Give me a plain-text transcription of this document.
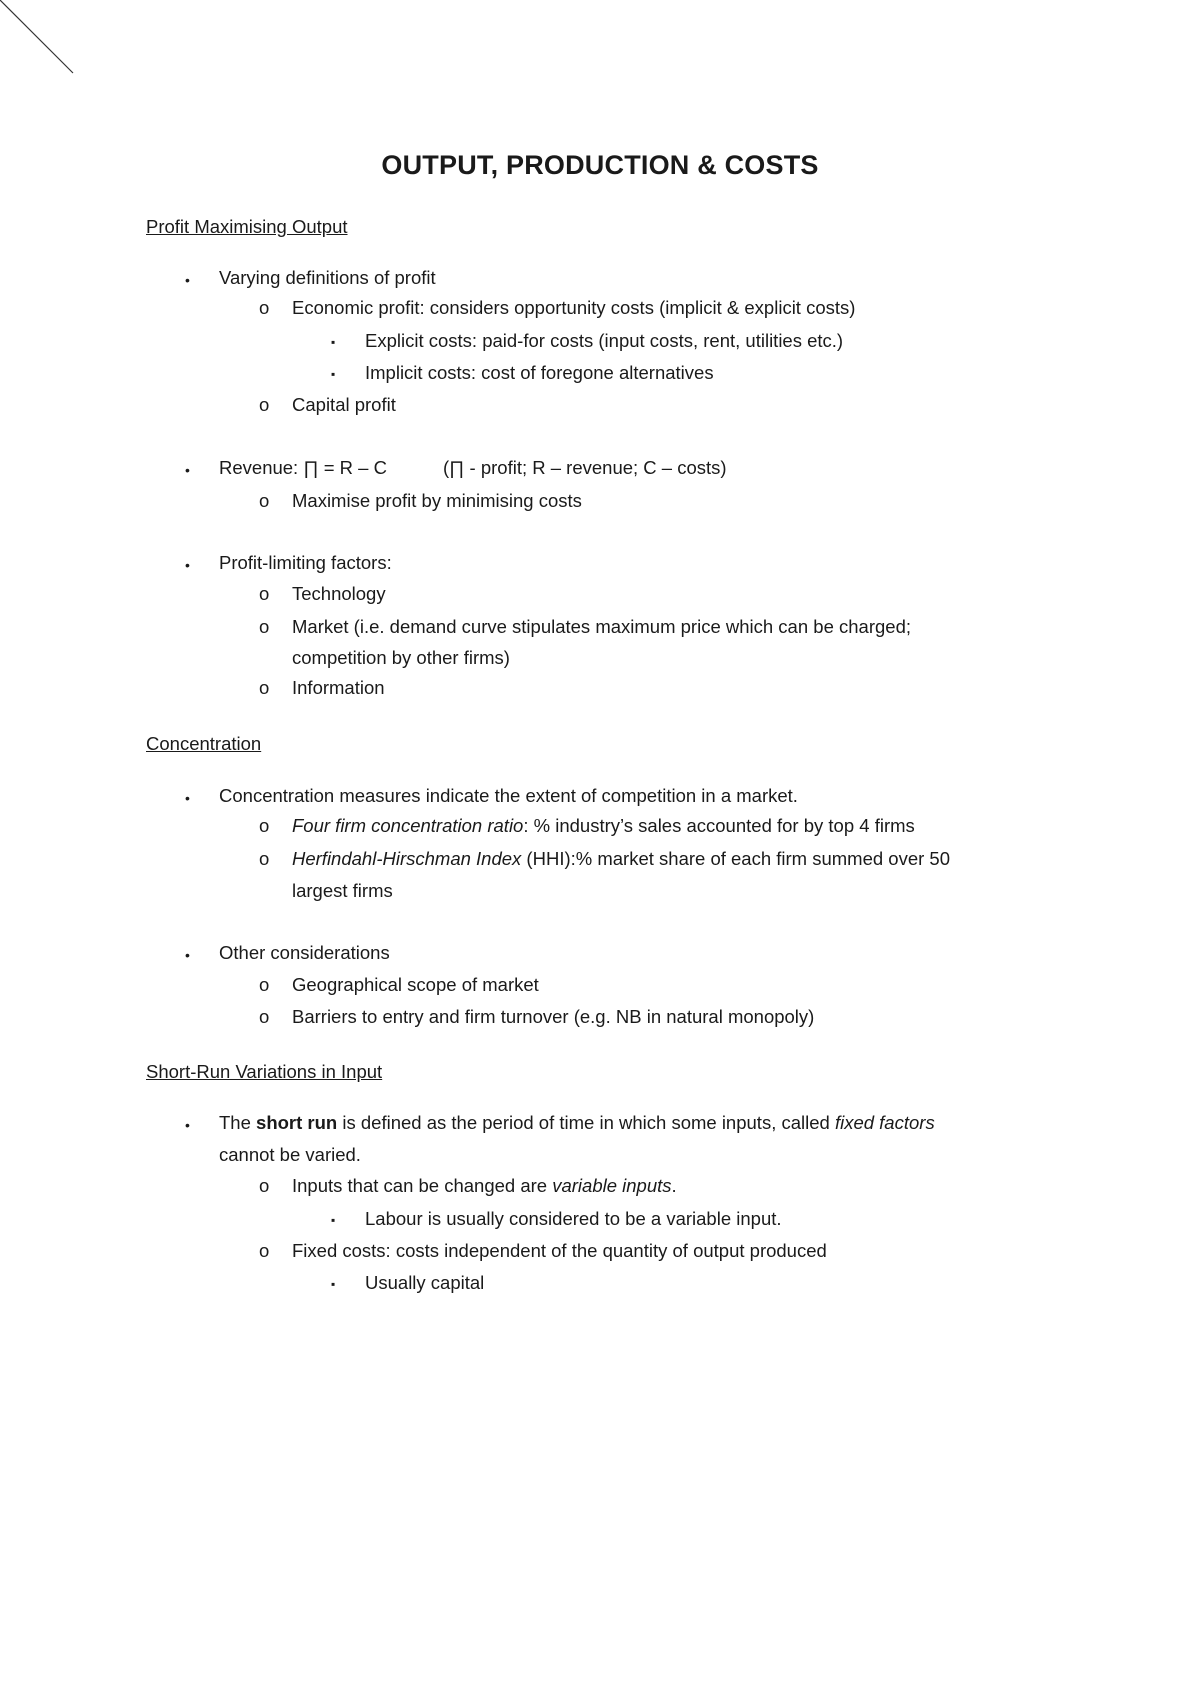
OUTPUT, PRODUCTION & COSTS
Profit Maximising Output
• Varying definitions of profit
o Economic profit: considers opportunity costs (implicit & explicit costs)
▪ Explicit costs: paid-for costs (input costs, rent, utilities etc.)
▪ Implicit costs: cost of foregone alternatives
o Capital profit
• Revenue: ∏ = R – C	(∏ - profit; R – revenue; C – costs)
o Maximise profit by minimising costs
• Profit-limiting factors:
o Technology
o Market (i.e. demand curve stipulates maximum price which can be charged;
competition by other firms)
o Information
Concentration
• Concentration measures indicate the extent of competition in a market.
o Four firm concentration ratio: % industry’s sales accounted for by top 4 firms
o Herfindahl-Hirschman Index (HHI):% market share of each firm summed over 50
largest firms
• Other considerations
o Geographical scope of market
o Barriers to entry and firm turnover (e.g. NB in natural monopoly)
Short-Run Variations in Input
• The short run is defined as the period of time in which some inputs, called fixed factors
cannot be varied.
o Inputs that can be changed are variable inputs.
▪ Labour is usually considered to be a variable input.
o Fixed costs: costs independent of the quantity of output produced
▪ Usually capital
